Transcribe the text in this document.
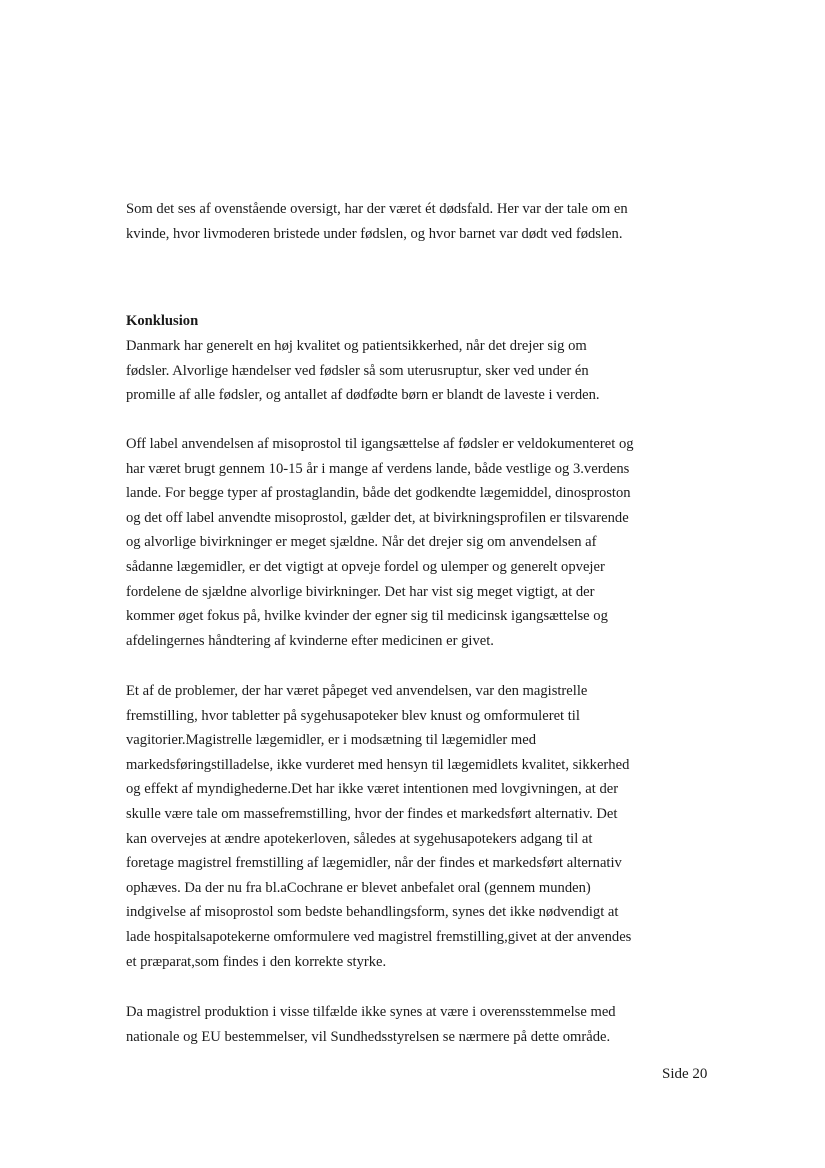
Som det ses af ovenstående oversigt, har der været ét dødsfald. Her var der tale om en
kvinde, hvor livmoderen bristede under fødslen, og hvor barnet var dødt ved fødslen.
Konklusion
Danmark har generelt en høj kvalitet og patientsikkerhed, når det drejer sig om
fødsler. Alvorlige hændelser ved fødsler så som uterusruptur, sker ved under én
promille af alle fødsler, og antallet af dødfødte børn er blandt de laveste i verden.
Off label anvendelsen af misoprostol til igangsættelse af fødsler er veldokumenteret og
har været brugt gennem 10-15 år i mange af verdens lande, både vestlige og 3.verdens
lande. For begge typer af prostaglandin, både det godkendte lægemiddel, dinosproston
og det off label anvendte misoprostol, gælder det, at bivirkningsprofilen er tilsvarende
og alvorlige bivirkninger er meget sjældne. Når det drejer sig om anvendelsen af
sådanne lægemidler, er det vigtigt at opveje fordel og ulemper og generelt opvejer
fordelene de sjældne alvorlige bivirkninger. Det har vist sig meget vigtigt, at der
kommer øget fokus på, hvilke kvinder der egner sig til medicinsk igangsættelse og
afdelingernes håndtering af kvinderne efter medicinen er givet.
Et af de problemer, der har været påpeget ved anvendelsen, var den magistrelle
fremstilling, hvor tabletter på sygehusapoteker blev knust og omformuleret til
vagitorier.Magistrelle lægemidler, er i modsætning til lægemidler med
markedsføringstilladelse, ikke vurderet med hensyn til lægemidlets kvalitet, sikkerhed
og effekt af myndighederne.Det har ikke været intentionen med lovgivningen, at der
skulle være tale om massefremstilling, hvor der findes et markedsført alternativ. Det
kan overvejes at ændre apotekerloven, således at sygehusapotekers adgang til at
foretage magistrel fremstilling af lægemidler, når der findes et markedsført alternativ
ophæves. Da der nu fra bl.aCochrane er blevet anbefalet oral (gennem munden)
indgivelse af misoprostol som bedste behandlingsform, synes det ikke nødvendigt at
lade hospitalsapotekerne omformulere ved magistrel fremstilling,givet at der anvendes
et præparat,som findes i den korrekte styrke.
Da magistrel produktion i visse tilfælde ikke synes at være i overensstemmelse med
nationale og EU bestemmelser, vil Sundhedsstyrelsen se nærmere på dette område.
Side 20
